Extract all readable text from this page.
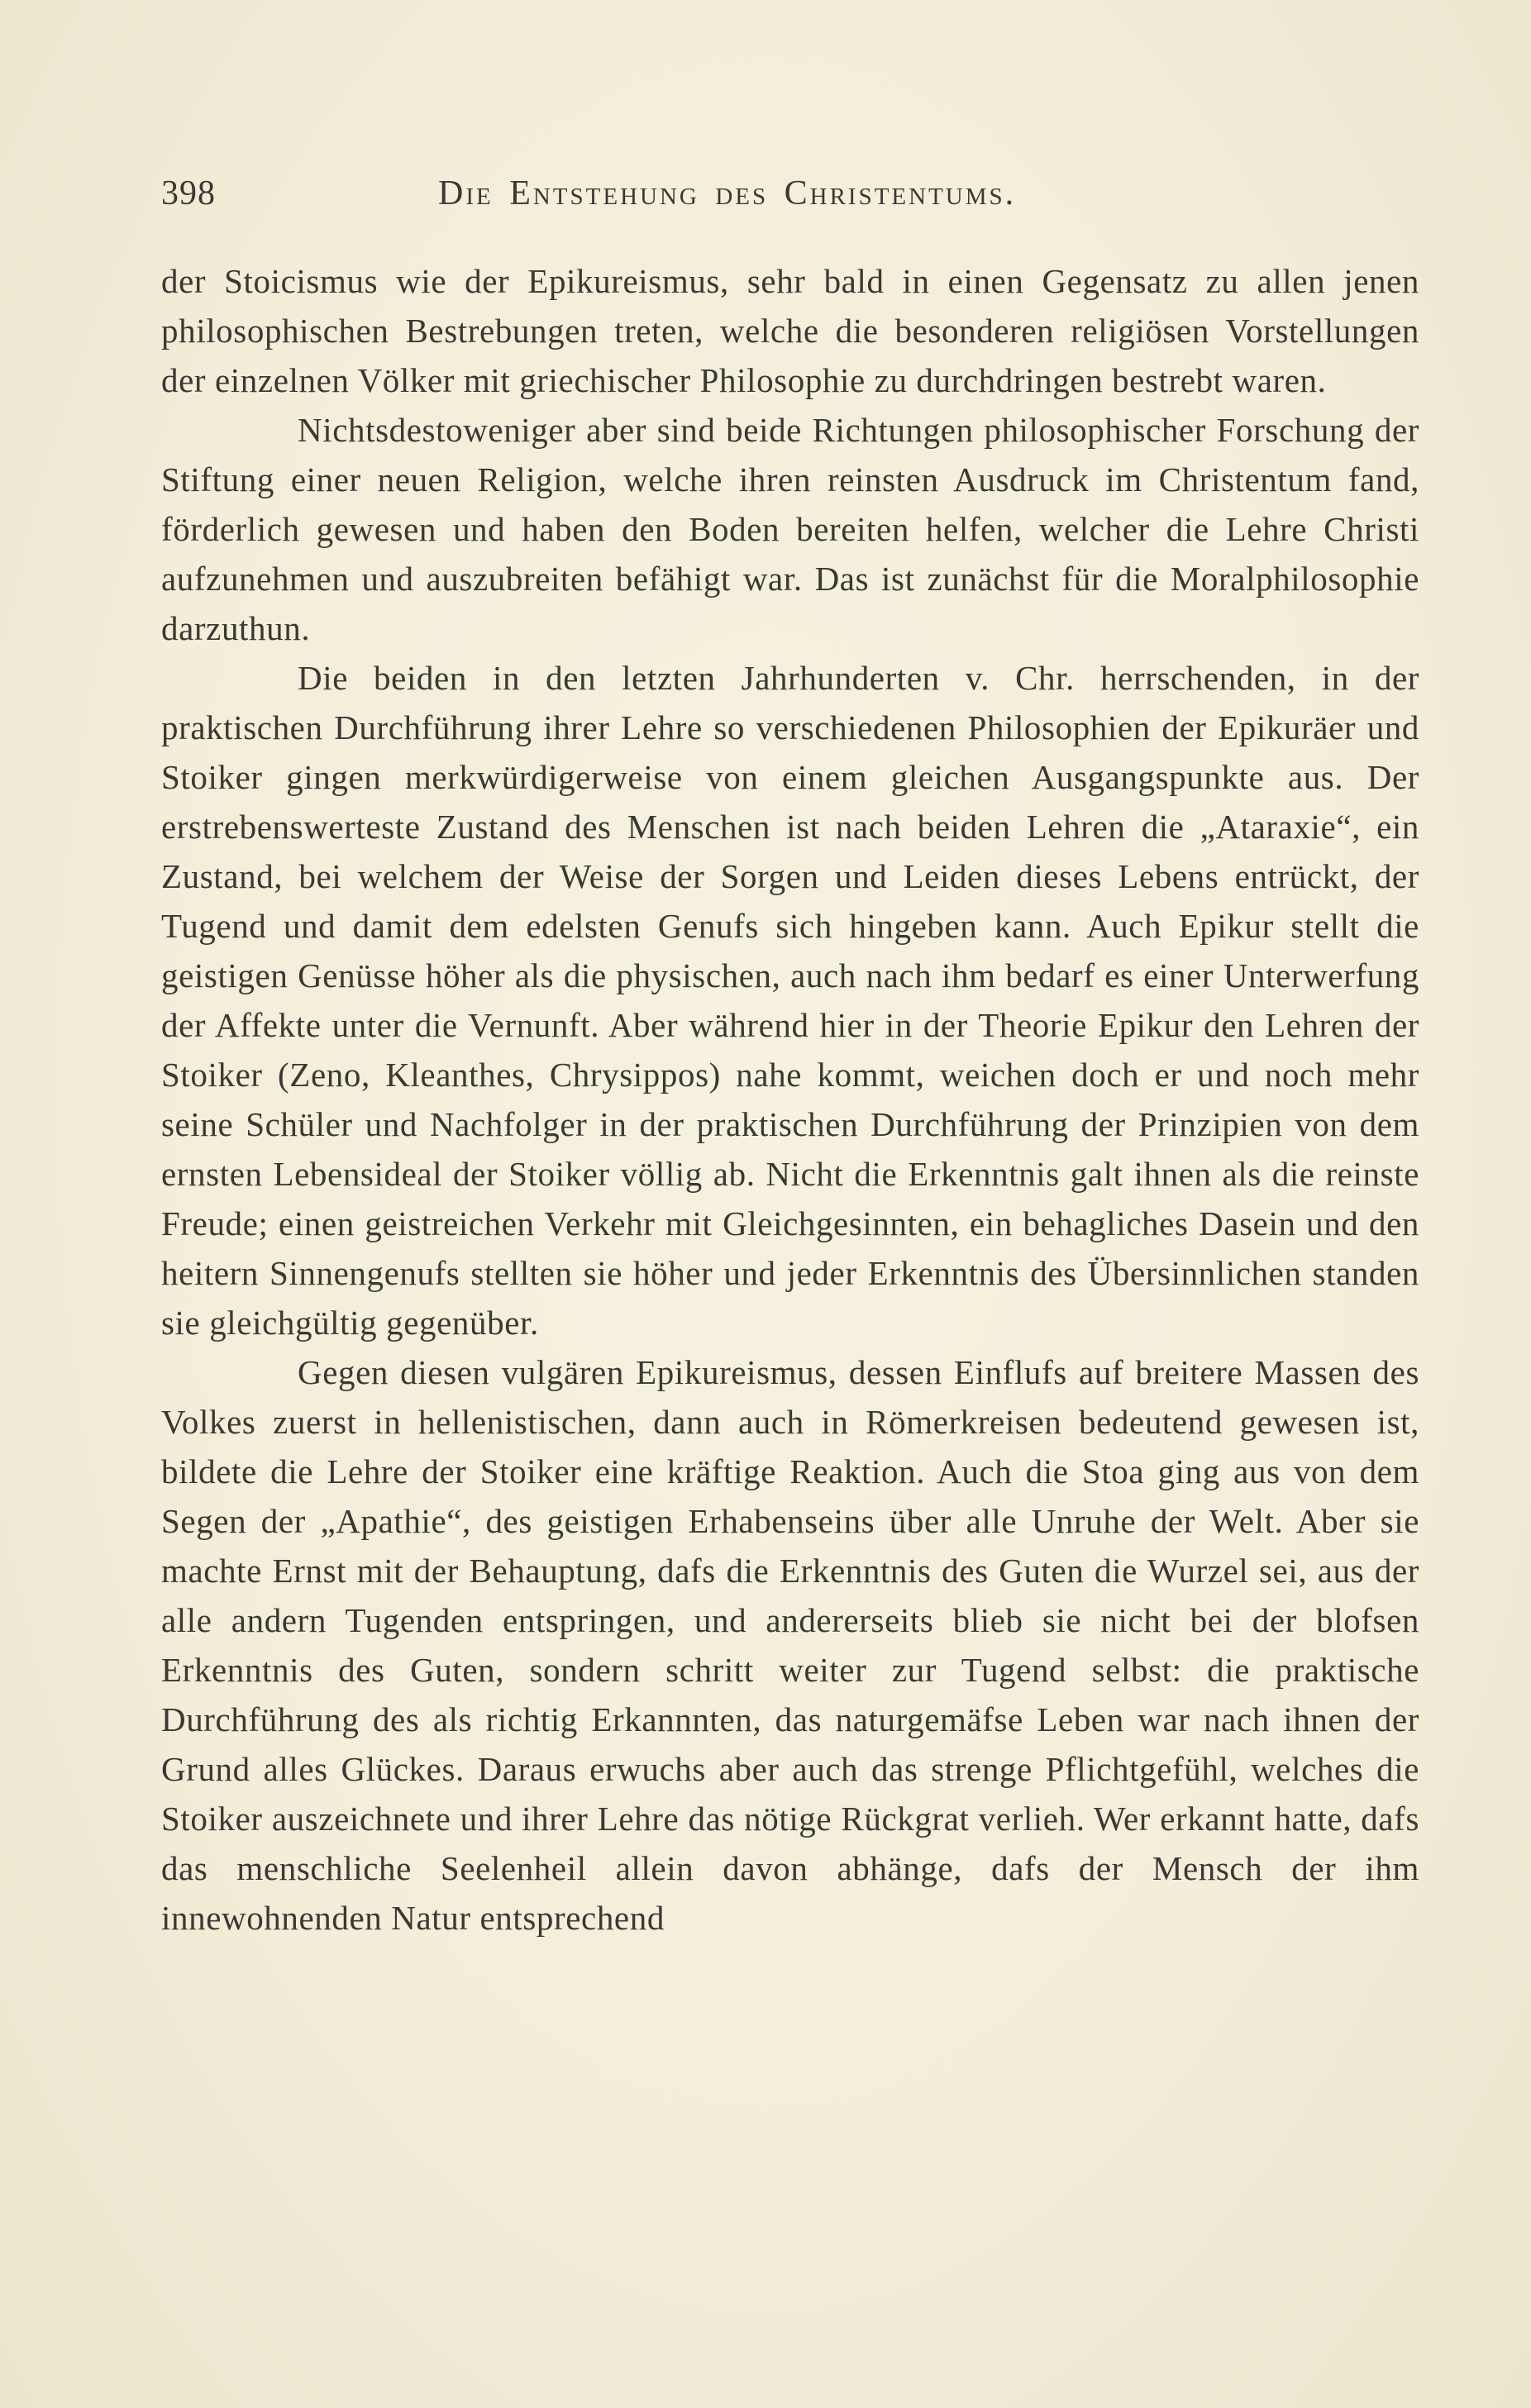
398	Die Entstehung des Christentums.

der Stoicismus wie der Epikureismus, sehr bald in einen Gegensatz zu allen jenen philosophischen Bestrebungen treten, welche die besonderen religiösen Vorstellungen der einzelnen Völker mit griechischer Philosophie zu durchdringen bestrebt waren.

Nichtsdestoweniger aber sind beide Richtungen philosophischer Forschung der Stiftung einer neuen Religion, welche ihren reinsten Ausdruck im Christentum fand, förderlich gewesen und haben den Boden bereiten helfen, welcher die Lehre Christi aufzunehmen und auszubreiten befähigt war. Das ist zunächst für die Moralphilosophie darzuthun.

Die beiden in den letzten Jahrhunderten v. Chr. herrschenden, in der praktischen Durchführung ihrer Lehre so verschiedenen Philosophien der Epikuräer und Stoiker gingen merkwürdigerweise von einem gleichen Ausgangspunkte aus. Der erstrebenswerteste Zustand des Menschen ist nach beiden Lehren die „Ataraxie“, ein Zustand, bei welchem der Weise der Sorgen und Leiden dieses Lebens entrückt, der Tugend und damit dem edelsten Genufs sich hingeben kann. Auch Epikur stellt die geistigen Genüsse höher als die physischen, auch nach ihm bedarf es einer Unterwerfung der Affekte unter die Vernunft. Aber während hier in der Theorie Epikur den Lehren der Stoiker (Zeno, Kleanthes, Chrysippos) nahe kommt, weichen doch er und noch mehr seine Schüler und Nachfolger in der praktischen Durchführung der Prinzipien von dem ernsten Lebensideal der Stoiker völlig ab. Nicht die Erkenntnis galt ihnen als die reinste Freude; einen geistreichen Verkehr mit Gleichgesinnten, ein behagliches Dasein und den heitern Sinnengenufs stellten sie höher und jeder Erkenntnis des Übersinnlichen standen sie gleichgültig gegenüber.

Gegen diesen vulgären Epikureismus, dessen Einflufs auf breitere Massen des Volkes zuerst in hellenistischen, dann auch in Römerkreisen bedeutend gewesen ist, bildete die Lehre der Stoiker eine kräftige Reaktion. Auch die Stoa ging aus von dem Segen der „Apathie“, des geistigen Erhabenseins über alle Unruhe der Welt. Aber sie machte Ernst mit der Behauptung, dafs die Erkenntnis des Guten die Wurzel sei, aus der alle andern Tugenden entspringen, und andererseits blieb sie nicht bei der blofsen Erkenntnis des Guten, sondern schritt weiter zur Tugend selbst: die praktische Durchführung des als richtig Erkannnten, das naturgemäfse Leben war nach ihnen der Grund alles Glückes. Daraus erwuchs aber auch das strenge Pflichtgefühl, welches die Stoiker auszeichnete und ihrer Lehre das nötige Rückgrat verlieh. Wer erkannt hatte, dafs das menschliche Seelenheil allein davon abhänge, dafs der Mensch der ihm innewohnenden Natur entsprechend
